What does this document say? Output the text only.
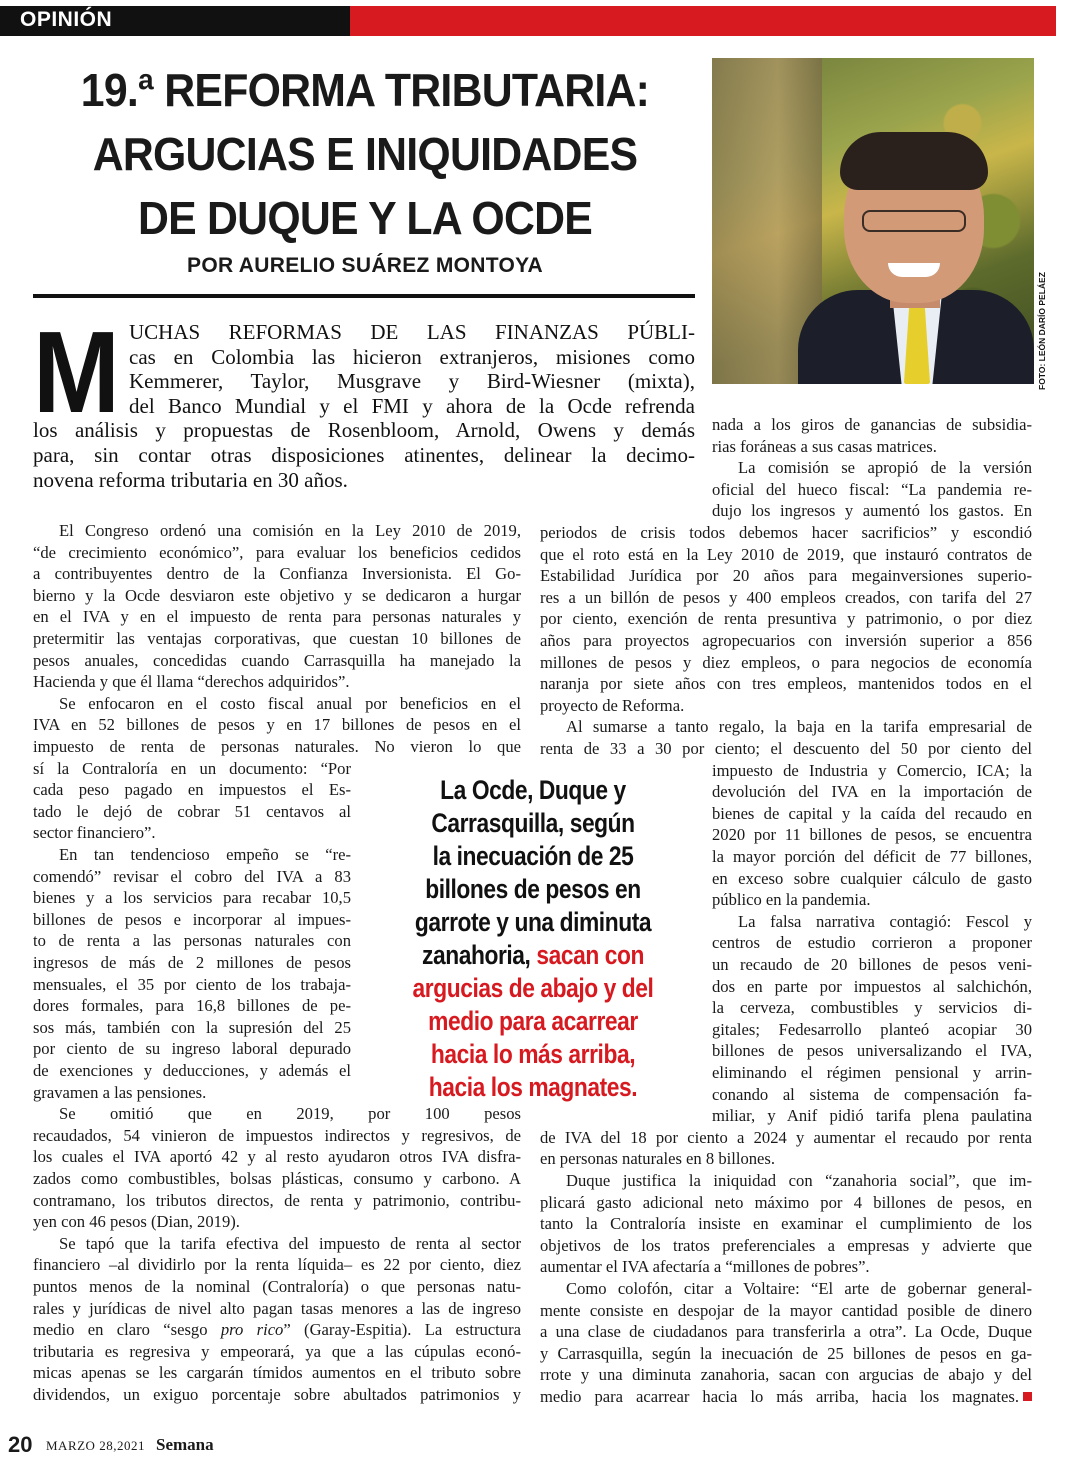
OPINIÓN
19.ª REFORMA TRIBUTARIA:
ARGUCIAS E INIQUIDADES
DE DUQUE Y LA OCDE
POR AURELIO SUÁREZ MONTOYA
FOTO: LEÓN DARÍO PELÁEZ
M UCHAS REFORMAS DE LAS FINANZAS PÚBLI-
cas en Colombia las hicieron extranjeros, misiones como
Kemmerer, Taylor, Musgrave y Bird-Wiesner (mixta),
del Banco Mundial y el FMI y ahora de la Ocde refrenda
los análisis y propuestas de Rosenbloom, Arnold, Owens y demás
para, sin contar otras disposiciones atinentes, delinear la decimo-
novena reforma tributaria en 30 años.
El Congreso ordenó una comisión en la Ley 2010 de 2019,
“de crecimiento económico”, para evaluar los beneficios cedidos
a contribuyentes dentro de la Confianza Inversionista. El Go-
bierno y la Ocde desviaron este objetivo y se dedicaron a hurgar
en el IVA y en el impuesto de renta para personas naturales y
pretermitir las ventajas corporativas, que cuestan 10 billones de
pesos anuales, concedidas cuando Carrasquilla ha manejado la
Hacienda y que él llama “derechos adquiridos”.
Se enfocaron en el costo fiscal anual por beneficios en el
IVA en 52 billones de pesos y en 17 billones de pesos en el
impuesto de renta de personas naturales. No vieron lo que
sí la Contraloría en un documento: “Por
cada peso pagado en impuestos el Es-
tado le dejó de cobrar 51 centavos al
sector financiero”.
En tan tendencioso empeño se “re-
comendó” revisar el cobro del IVA a 83
bienes y a los servicios para recabar 10,5
billones de pesos e incorporar al impues-
to de renta a las personas naturales con
ingresos de más de 2 millones de pesos
mensuales, el 35 por ciento de los trabaja-
dores formales, para 16,8 billones de pe-
sos más, también con la supresión del 25
por ciento de su ingreso laboral depurado
de exenciones y deducciones, y además el
gravamen a las pensiones.
Se omitió que en 2019, por 100 pesos
recaudados, 54 vinieron de impuestos indirectos y regresivos, de
los cuales el IVA aportó 42 y al resto ayudaron otros IVA disfra-
zados como combustibles, bolsas plásticas, consumo y carbono. A
contramano, los tributos directos, de renta y patrimonio, contribu-
yen con 46 pesos (Dian, 2019).
Se tapó que la tarifa efectiva del impuesto de renta al sector
financiero –al dividirlo por la renta líquida– es 22 por ciento, diez
puntos menos de la nominal (Contraloría) o que personas natu-
rales y jurídicas de nivel alto pagan tasas menores a las de ingreso
medio en claro “sesgo pro rico” (Garay-Espitia). La estructura
tributaria es regresiva y empeorará, ya que a las cúpulas econó-
micas apenas se les cargarán tímidos aumentos en el tributo sobre
dividendos, un exiguo porcentaje sobre abultados patrimonios y
nada a los giros de ganancias de subsidia-
rias foráneas a sus casas matrices.
La comisión se apropió de la versión
oficial del hueco fiscal: “La pandemia re-
dujo los ingresos y aumentó los gastos. En
periodos de crisis todos debemos hacer sacrificios” y escondió
que el roto está en la Ley 2010 de 2019, que instauró contratos de
Estabilidad Jurídica por 20 años para megainversiones superio-
res a un billón de pesos y 400 empleos creados, con tarifa del 27
por ciento, exención de renta presuntiva y patrimonio, o por diez
años para proyectos agropecuarios con inversión superior a 856
millones de pesos y diez empleos, o para negocios de economía
naranja por siete años con tres empleos, mantenidos todos en el
proyecto de Reforma.
Al sumarse a tanto regalo, la baja en la tarifa empresarial de
renta de 33 a 30 por ciento; el descuento del 50 por ciento del
impuesto de Industria y Comercio, ICA; la
devolución del IVA en la importación de
bienes de capital y la caída del recaudo en
2020 por 11 billones de pesos, se encuentra
la mayor porción del déficit de 77 billones,
en exceso sobre cualquier cálculo de gasto
público en la pandemia.
La falsa narrativa contagió: Fescol y
centros de estudio corrieron a proponer
un recaudo de 20 billones de pesos veni-
dos en parte por impuestos al salchichón,
la cerveza, combustibles y servicios di-
gitales; Fedesarrollo planteó acopiar 30
billones de pesos universalizando el IVA,
eliminando el régimen pensional y arrin-
conando al sistema de compensación fa-
miliar, y Anif pidió tarifa plena paulatina
de IVA del 18 por ciento a 2024 y aumentar el recaudo por renta
en personas naturales en 8 billones.
Duque justifica la iniquidad con “zanahoria social”, que im-
plicará gasto adicional neto máximo por 4 billones de pesos, en
tanto la Contraloría insiste en examinar el cumplimiento de los
objetivos de los tratos preferenciales a empresas y advierte que
aumentar el IVA afectaría a “millones de pobres”.
Como colofón, citar a Voltaire: “El arte de gobernar general-
mente consiste en despojar de la mayor cantidad posible de dinero
a una clase de ciudadanos para transferirla a otra”. La Ocde, Duque
y Carrasquilla, según la inecuación de 25 billones de pesos en ga-
rrote y una diminuta zanahoria, sacan con argucias de abajo y del
medio para acarrear hacia lo más arriba, hacia los magnates.
La Ocde, Duque y
Carrasquilla, según
la inecuación de 25
billones de pesos en
garrote y una diminuta
zanahoria, sacan con
argucias de abajo y del
medio para acarrear
hacia lo más arriba,
hacia los magnates.
20 MARZO 28,2021 Semana
